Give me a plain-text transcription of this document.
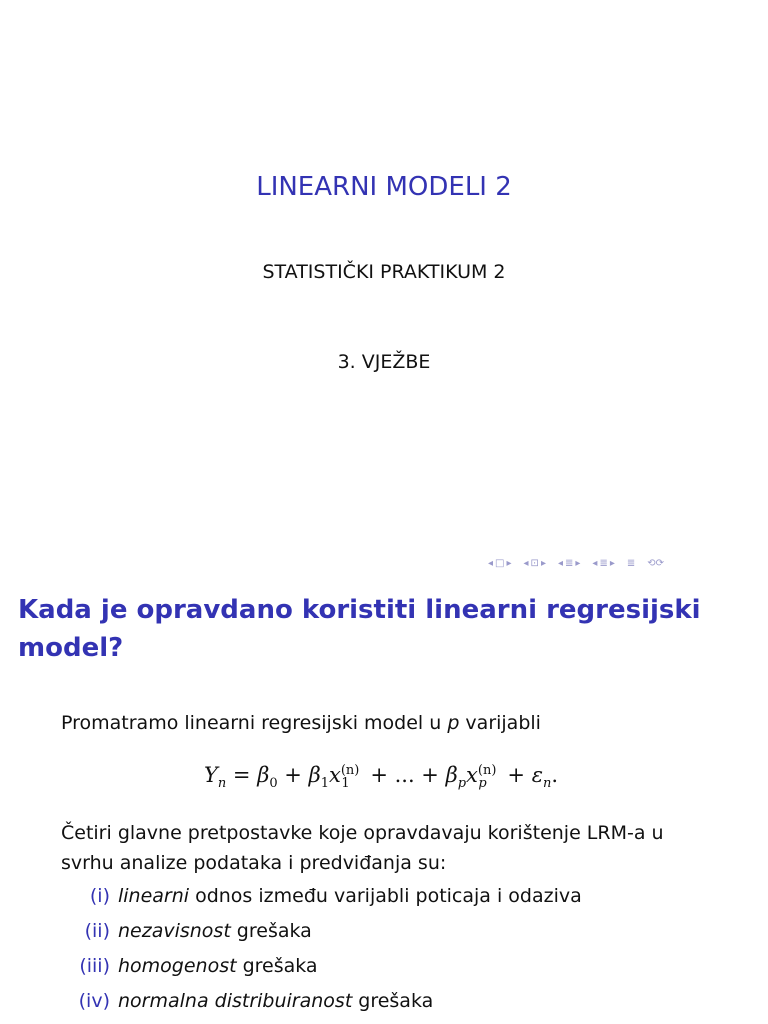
LINEARNI MODELI 2
STATISTIČKI PRAKTIKUM 2
3. VJEŽBE
◂ □ ▸ ◂ ⊡ ▸ ◂ ≣ ▸ ◂ ≣ ▸ ≣ ⟲⟳
Kada je opravdano koristiti linearni regresijski model?
Promatramo linearni regresijski model u p varijabli
$Y_n = \beta_0 + \beta_1x^{(n)}_1$ + ... + $\beta_px^{(n)}_p + \varepsilon_n$.
Četiri glavne pretpostavke koje opravdavaju korištenje LRM-a u svrhu analize podataka i predviđanja su:
(i) linearni odnos između varijabli poticaja i odaziva
(ii) nezavisnost grešaka
(iii) homogenost grešaka
(iv) normalna distribuiranost grešaka
